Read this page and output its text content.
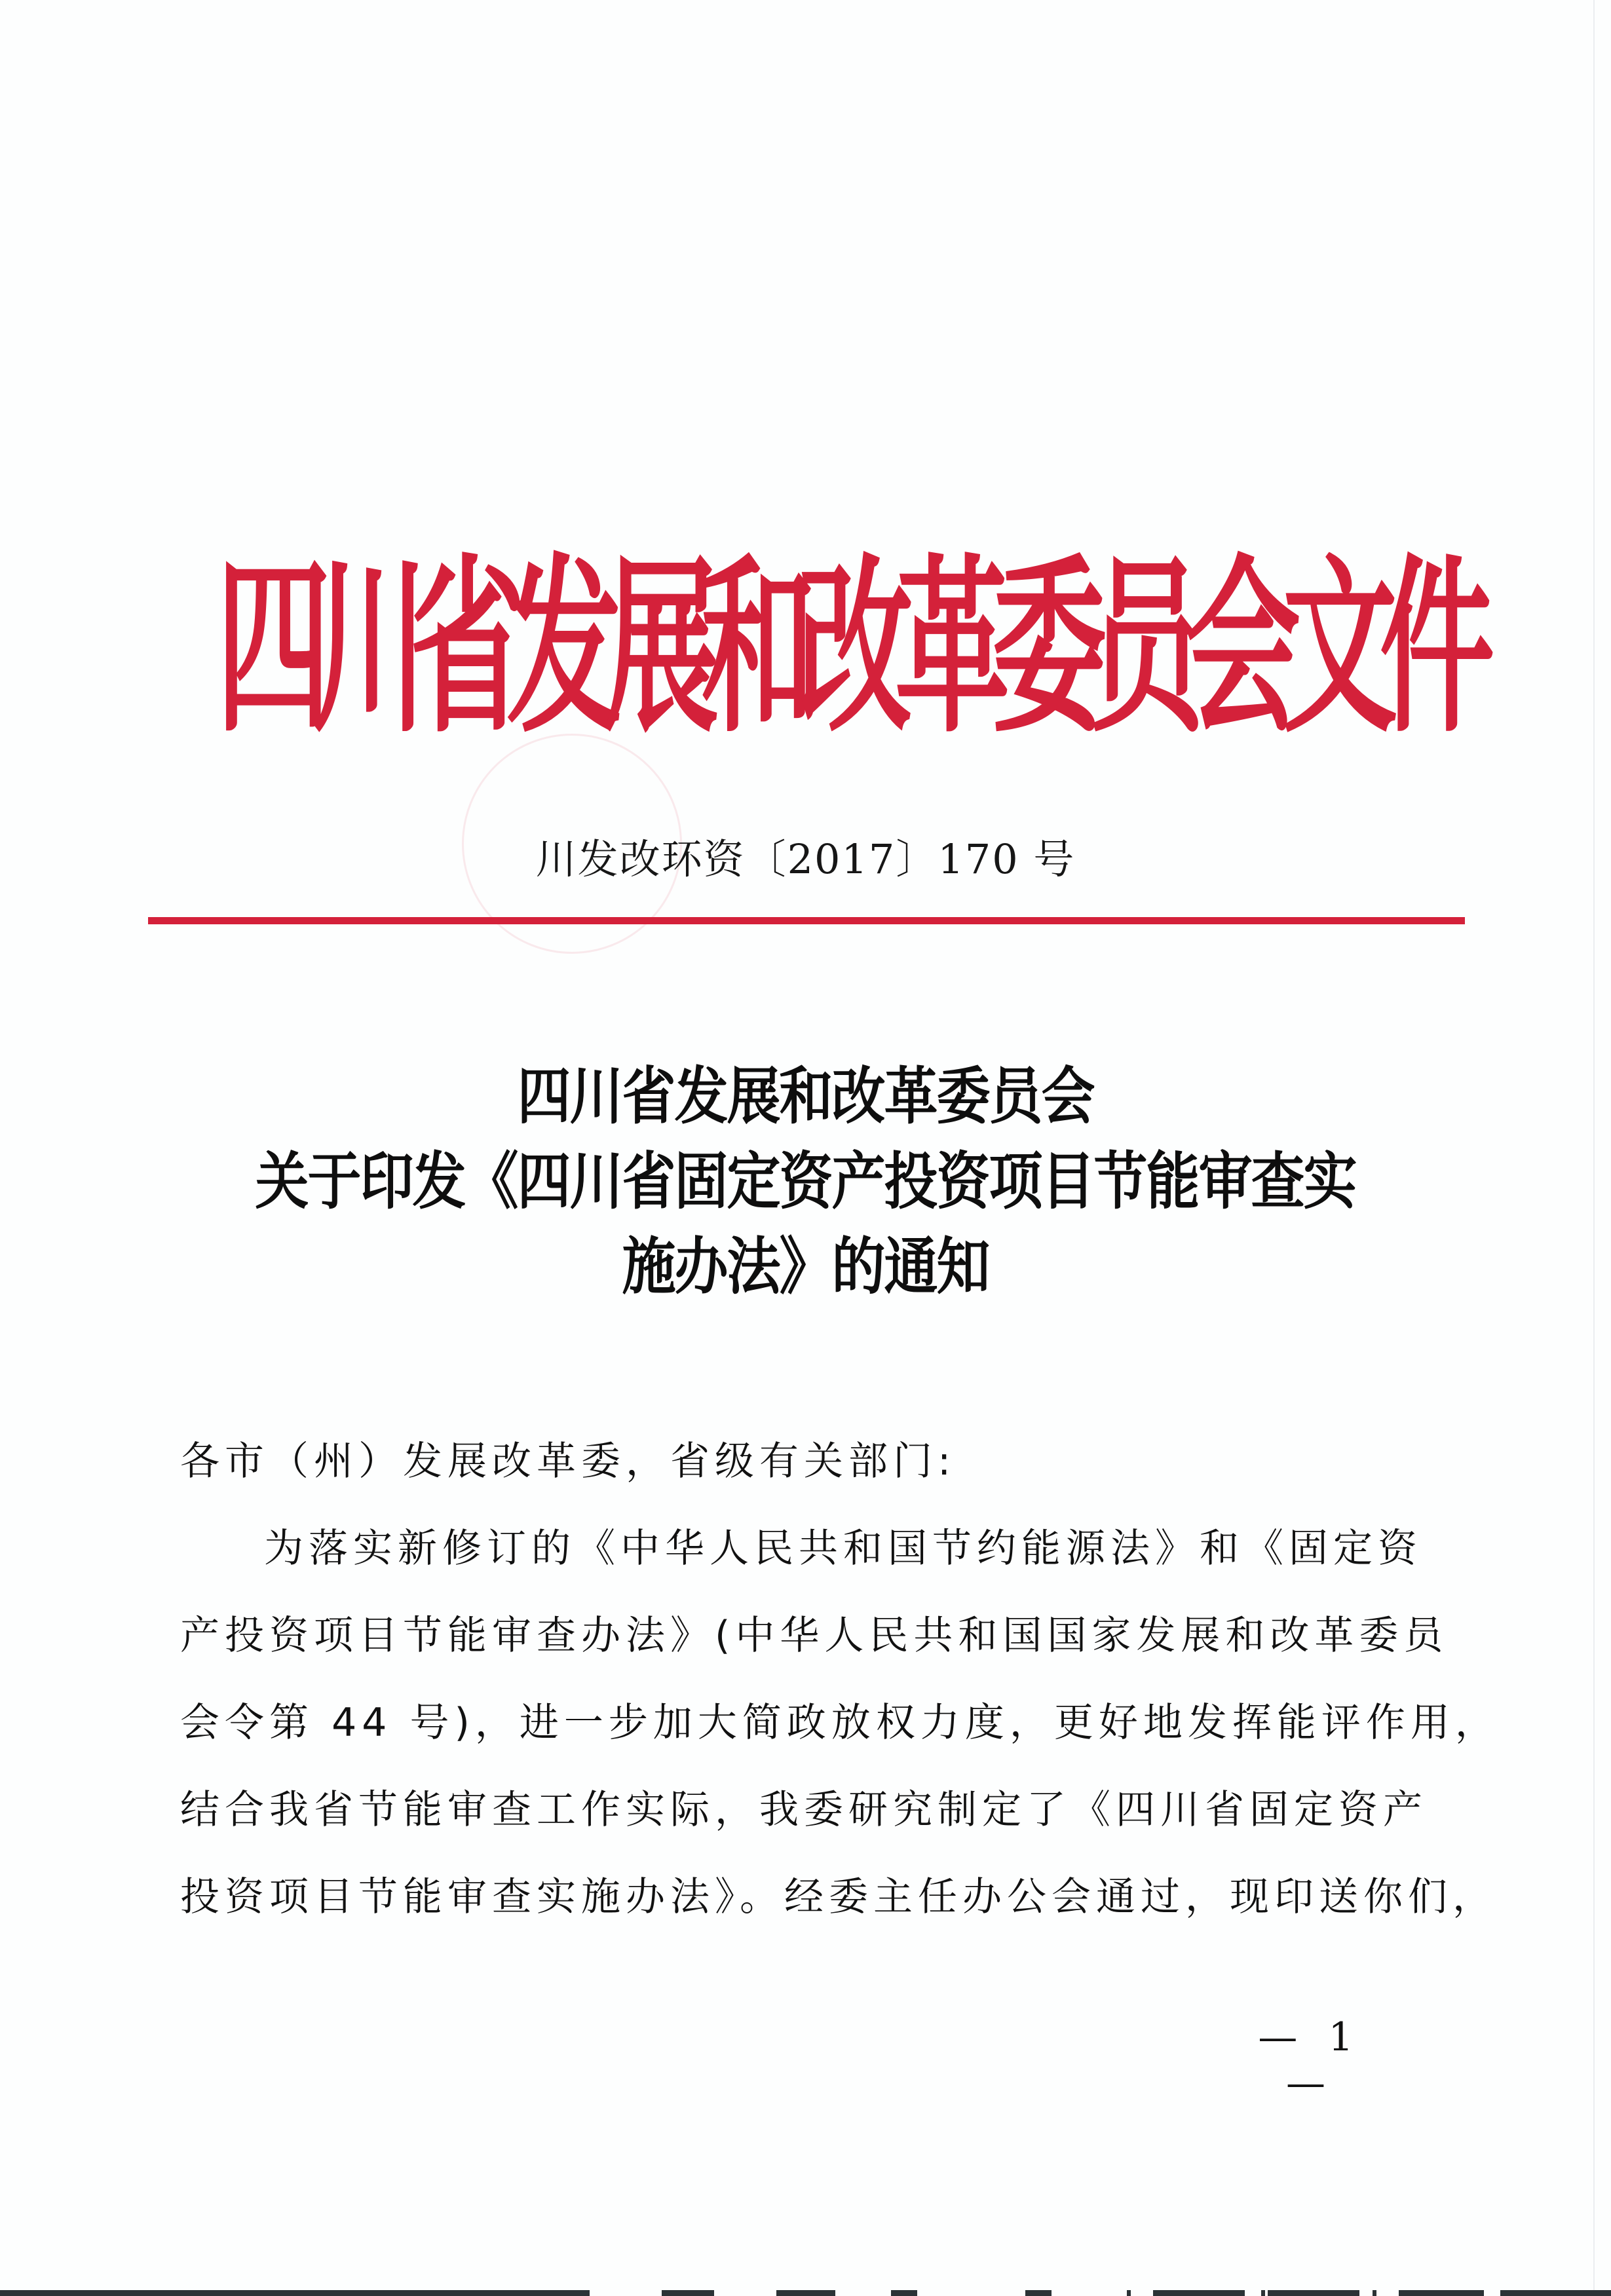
四
川
省
发
展
和
改
革
委
员
会
文
件
川发改环资〔2017〕170 号
四川省发展和改革委员会
关于印发《四川省固定资产投资项目节能审查实
施办法》的通知
各市（州）发展改革委，省级有关部门:
为落实新修订的《中华人民共和国节约能源法》和《固定资
产投资项目节能审查办法》(中华人民共和国国家发展和改革委员
会令第 44 号)，进一步加大简政放权力度，更好地发挥能评作用，
结合我省节能审查工作实际，我委研究制定了《四川省固定资产
投资项目节能审查实施办法》。经委主任办公会通过，现印送你们，
— 1 —
